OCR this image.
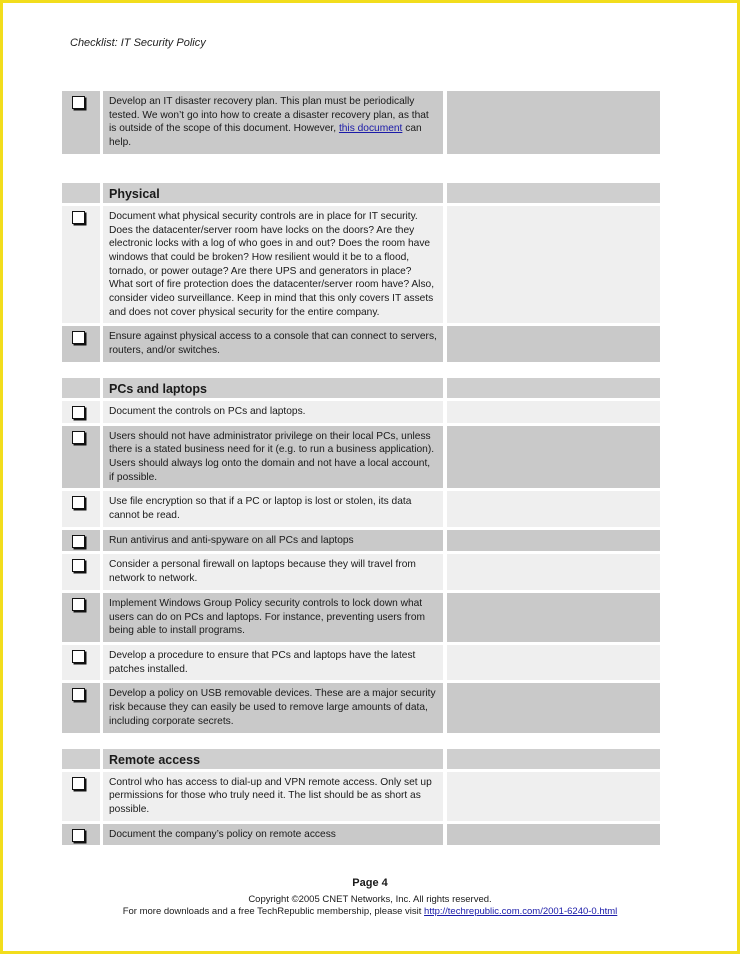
Checklist: IT Security Policy
Develop an IT disaster recovery plan. This plan must be periodically tested. We won’t go into how to create a disaster recovery plan, as that is outside of the scope of this document. However, this document can help.
Physical
Document what physical security controls are in place for IT security. Does the datacenter/server room have locks on the doors? Are they electronic locks with a log of who goes in and out? Does the room have windows that could be broken? How resilient would it be to a flood, tornado, or power outage? Are there UPS and generators in place? What sort of fire protection does the datacenter/server room have? Also, consider video surveillance. Keep in mind that this only covers IT assets and does not cover physical security for the entire company.
Ensure against physical access to a console that can connect to servers, routers, and/or switches.
PCs and laptops
Document the controls on PCs and laptops.
Users should not have administrator privilege on their local PCs, unless there is a stated business need for it (e.g. to run a business application). Users should always log onto the domain and not have a local account, if possible.
Use file encryption so that if a PC or laptop is lost or stolen, its data cannot be read.
Run antivirus and anti-spyware on all PCs and laptops
Consider a personal firewall on laptops because they will travel from network to network.
Implement Windows Group Policy security controls to lock down what users can do on PCs and laptops. For instance, preventing users from being able to install programs.
Develop a procedure to ensure that PCs and laptops have the latest patches installed.
Develop a policy on USB removable devices. These are a major security risk because they can easily be used to remove large amounts of data, including corporate secrets.
Remote access
Control who has access to dial-up and VPN remote access. Only set up permissions for those who truly need it. The list should be as short as possible.
Document the company’s policy on remote access
Page 4
Copyright ©2005 CNET Networks, Inc. All rights reserved.
For more downloads and a free TechRepublic membership, please visit http://techrepublic.com.com/2001-6240-0.html
